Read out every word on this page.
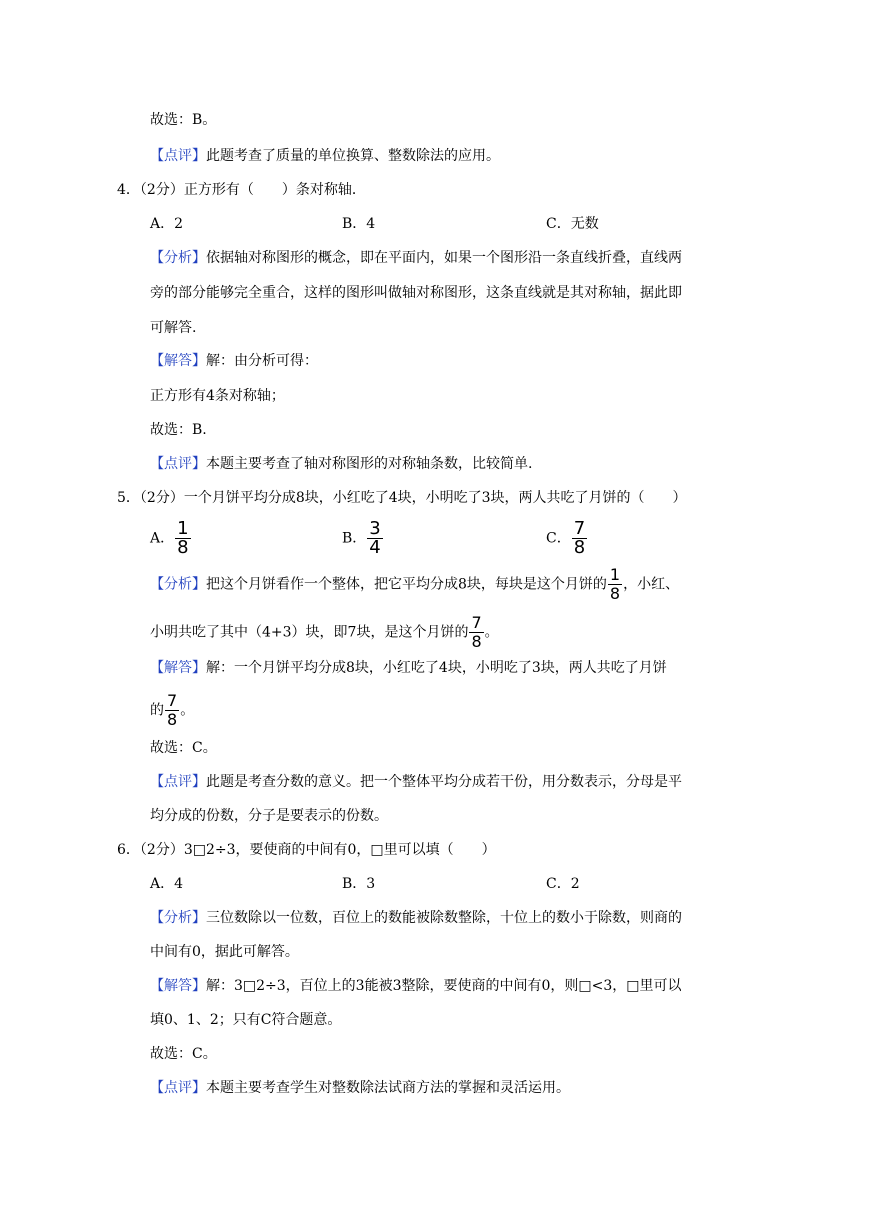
故选：B。
【点评】此题考查了质量的单位换算、整数除法的应用。
4．（2分）正方形有（　　）条对称轴．
A．2	B．4	C．无数
【分析】依据轴对称图形的概念，即在平面内，如果一个图形沿一条直线折叠，直线两
旁的部分能够完全重合，这样的图形叫做轴对称图形，这条直线就是其对称轴，据此即
可解答.
【解答】解：由分析可得：
正方形有4条对称轴；
故选：B.
【点评】本题主要考查了轴对称图形的对称轴条数，比较简单.
5．（2分）一个月饼平均分成8块，小红吃了4块，小明吃了3块，两人共吃了月饼的（　　）
A． $\frac{1}{8}$	B． $\frac{3}{4}$	C． $\frac{7}{8}$
【分析】把这个月饼看作一个整体，把它平均分成8块，每块是这个月饼的 $\frac{1}{8}$ ，小红、
小明共吃了其中（4+3）块，即7块，是这个月饼的 $\frac{7}{8}$ 。
【解答】解：一个月饼平均分成8块，小红吃了4块，小明吃了3块，两人共吃了月饼
的 $\frac{7}{8}$ 。
故选：C。
【点评】此题是考查分数的意义。把一个整体平均分成若干份，用分数表示，分母是平
均分成的份数，分子是要表示的份数。
6．（2分）3□2÷3，要使商的中间有0，□里可以填（　　）
A．4	B．3	C．2
【分析】三位数除以一位数，百位上的数能被除数整除，十位上的数小于除数，则商的
中间有0，据此可解答。
【解答】解：3□2÷3，百位上的3能被3整除，要使商的中间有0，则□<3，□里可以
填0、1、2；只有C符合题意。
故选：C。
【点评】本题主要考查学生对整数除法试商方法的掌握和灵活运用。
